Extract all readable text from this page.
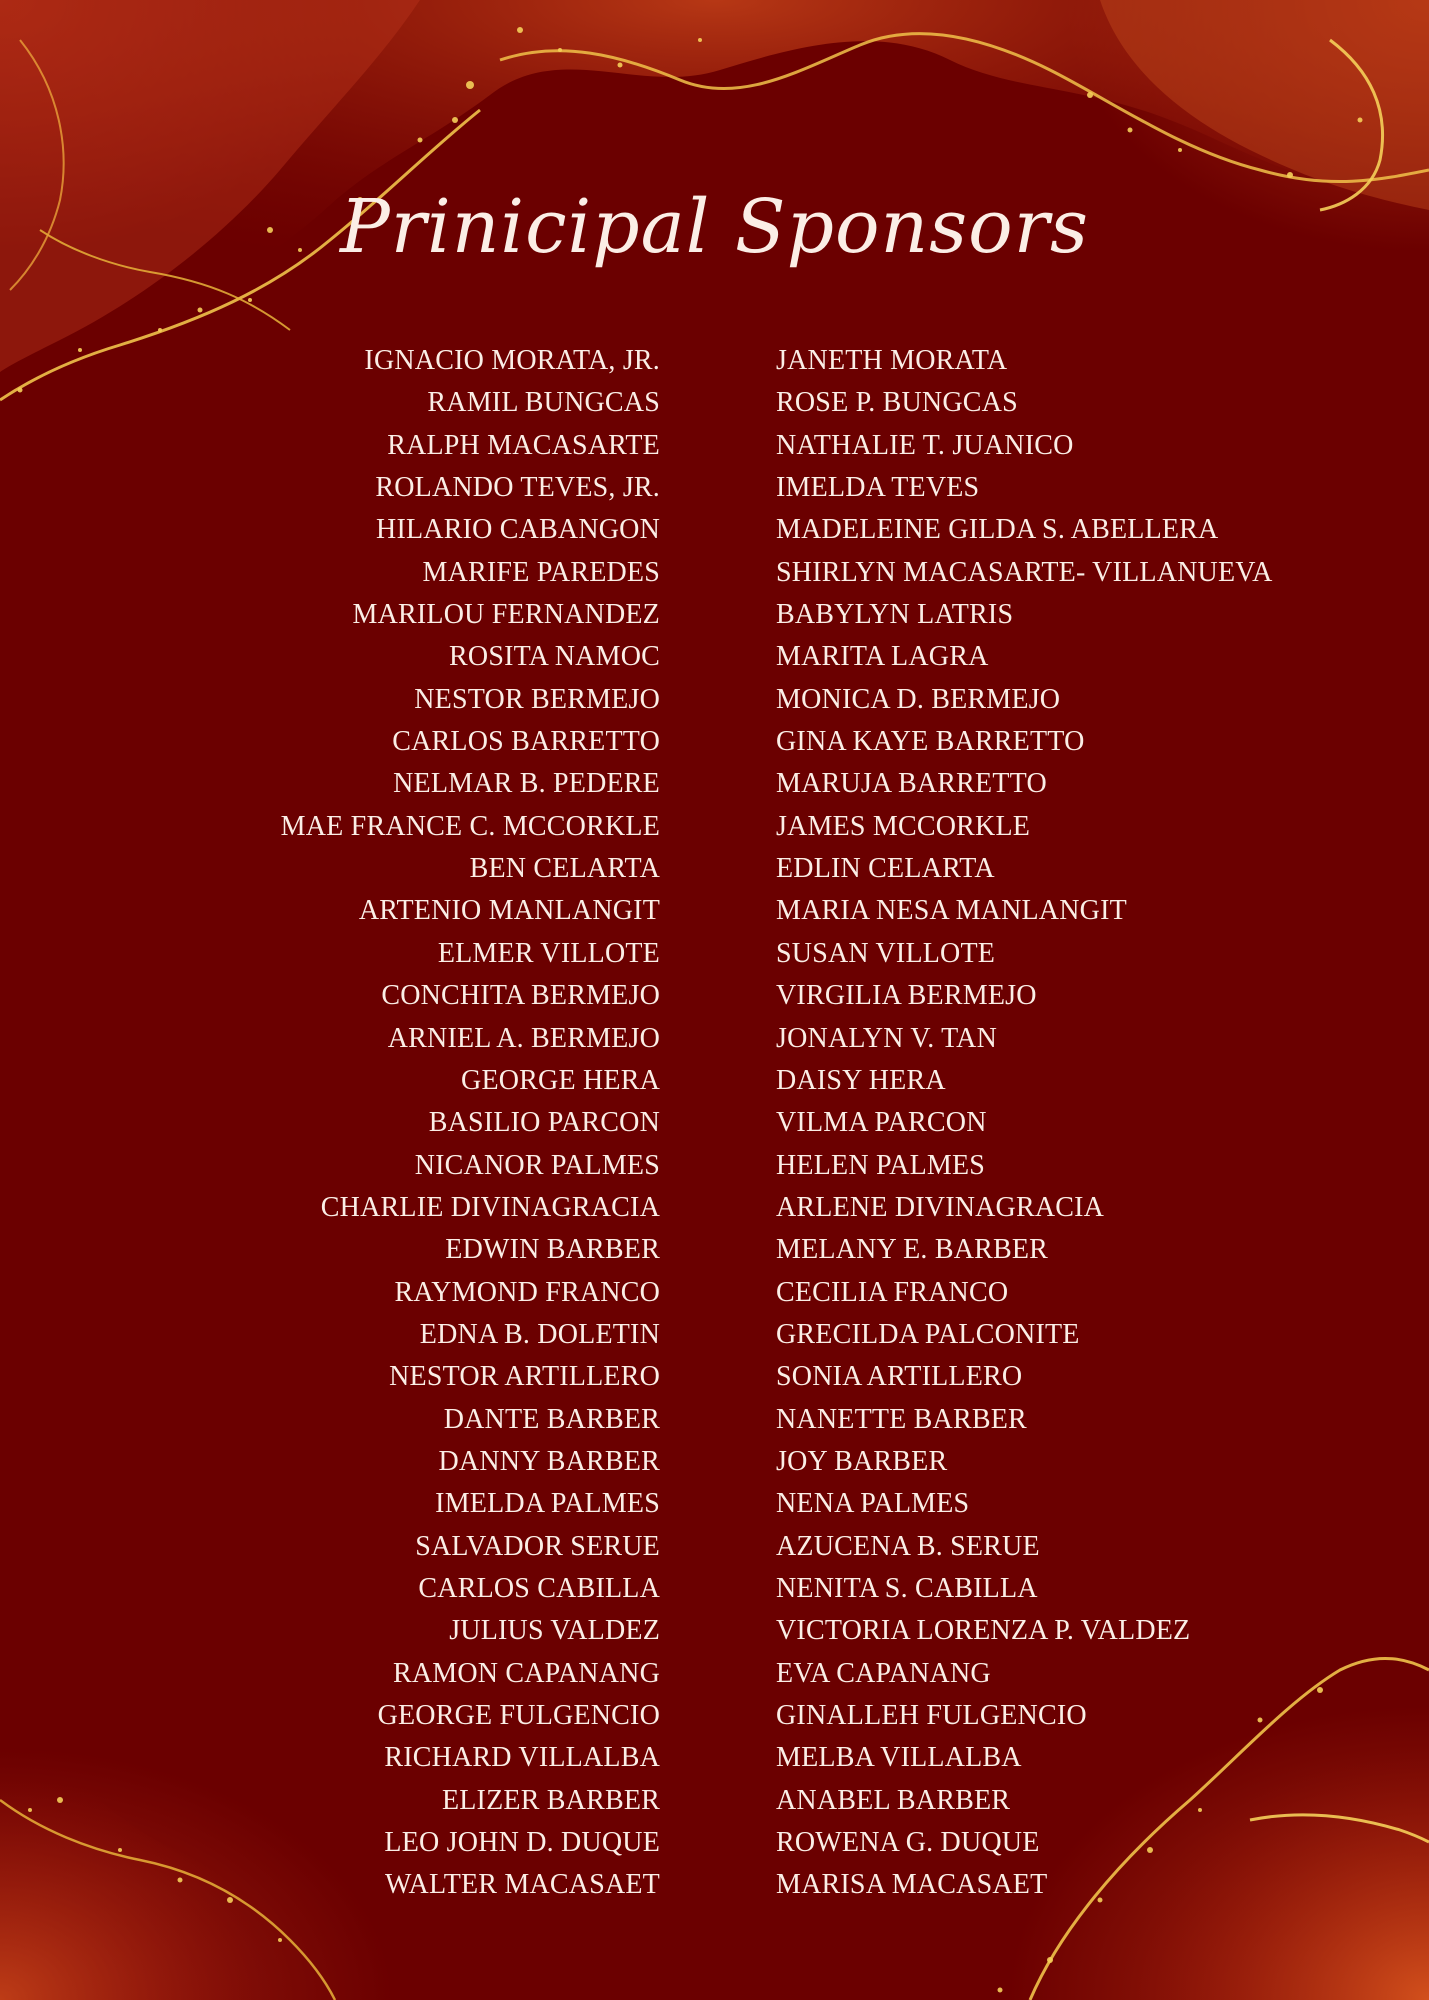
Prinicipal Sponsors
IGNACIO MORATA, JR.
RAMIL BUNGCAS
RALPH MACASARTE
ROLANDO TEVES, JR.
HILARIO CABANGON
MARIFE PAREDES
MARILOU FERNANDEZ
ROSITA NAMOC
NESTOR BERMEJO
CARLOS BARRETTO
NELMAR B. PEDERE
MAE FRANCE C. MCCORKLE
BEN CELARTA
ARTENIO MANLANGIT
ELMER VILLOTE
CONCHITA BERMEJO
ARNIEL A. BERMEJO
GEORGE HERA
BASILIO PARCON
NICANOR PALMES
CHARLIE DIVINAGRACIA
EDWIN BARBER
RAYMOND FRANCO
EDNA B. DOLETIN
NESTOR ARTILLERO
DANTE BARBER
DANNY BARBER
IMELDA PALMES
SALVADOR SERUE
CARLOS CABILLA
JULIUS VALDEZ
RAMON CAPANANG
GEORGE FULGENCIO
RICHARD VILLALBA
ELIZER BARBER
LEO JOHN D. DUQUE
WALTER MACASAET
JANETH MORATA
ROSE P. BUNGCAS
NATHALIE T. JUANICO
IMELDA TEVES
MADELEINE GILDA S. ABELLERA
SHIRLYN MACASARTE- VILLANUEVA
BABYLYN LATRIS
MARITA LAGRA
MONICA D. BERMEJO
GINA KAYE BARRETTO
MARUJA BARRETTO
JAMES MCCORKLE
EDLIN CELARTA
MARIA NESA MANLANGIT
SUSAN VILLOTE
VIRGILIA BERMEJO
JONALYN V. TAN
DAISY HERA
VILMA PARCON
HELEN PALMES
ARLENE DIVINAGRACIA
MELANY E. BARBER
CECILIA FRANCO
GRECILDA PALCONITE
SONIA ARTILLERO
NANETTE BARBER
JOY BARBER
NENA PALMES
AZUCENA B. SERUE
NENITA S. CABILLA
VICTORIA LORENZA P. VALDEZ
EVA CAPANANG
GINALLEH FULGENCIO
MELBA VILLALBA
ANABEL BARBER
ROWENA G. DUQUE
MARISA MACASAET
